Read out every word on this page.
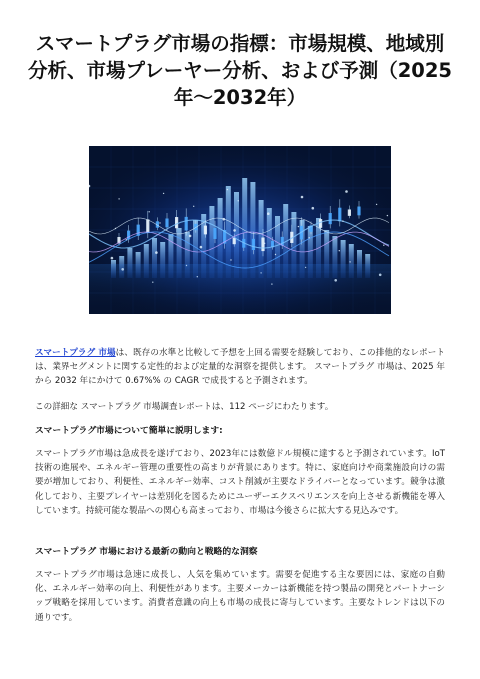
スマートプラグ市場の指標：市場規模、地域別分析、市場プレーヤー分析、および予測（2025年〜2032年）

スマートプラグ 市場は、既存の水準と比較して予想を上回る需要を経験しており、この排他的なレポートは、業界セグメントに関する定性的および定量的な洞察を提供します。 スマートプラグ 市場は、2025 年から 2032 年にかけて 0.67%% の CAGR で成長すると予測されます。

この詳細な スマートプラグ 市場調査レポートは、112 ページにわたります。

スマートプラグ市場について簡単に説明します:

スマートプラグ市場は急成長を遂げており、2023年には数億ドル規模に達すると予測されています。IoT技術の進展や、エネルギー管理の重要性の高まりが背景にあります。特に、家庭向けや商業施設向けの需要が増加しており、利便性、エネルギー効率、コスト削減が主要なドライバーとなっています。競争は激化しており、主要プレイヤーは差別化を図るためにユーザーエクスペリエンスを向上させる新機能を導入しています。持続可能な製品への関心も高まっており、市場は今後さらに拡大する見込みです。

スマートプラグ 市場における最新の動向と戦略的な洞察

スマートプラグ市場は急速に成長し、人気を集めています。需要を促進する主な要因には、家庭の自動化、エネルギー効率の向上、利便性があります。主要メーカーは新機能を持つ製品の開発とパートナーシップ戦略を採用しています。消費者意識の向上も市場の成長に寄与しています。主要なトレンドは以下の通りです。
